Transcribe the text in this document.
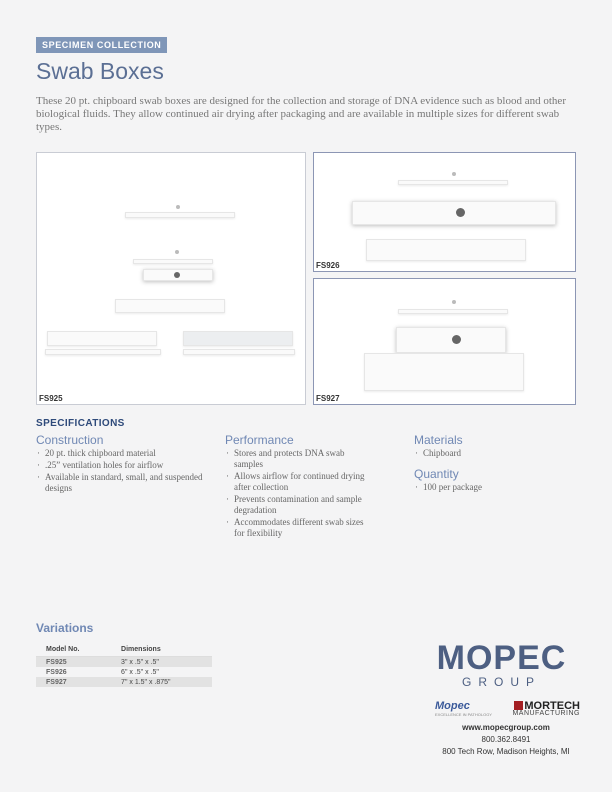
SPECIMEN COLLECTION
Swab Boxes

These 20 pt. chipboard swab boxes are designed for the collection and storage of DNA evidence such as blood and other biological fluids. They allow continued air drying after packaging and are available in multiple sizes for different swab types.

FS925
FS926
FS927
SPECIFICATIONS
Construction
· 20 pt. thick chipboard material
· .25” ventilation holes for airflow
· Available in standard, small, and suspended designs
Performance
· Stores and protects DNA swab samples
· Allows airflow for continued drying after collection
· Prevents contamination and sample degradation
· Accommodates different swab sizes for flexibility
Materials
· Chipboard
Quantity
· 100 per package
Variations
Model No.	Dimensions
FS925	3" x .5" x .5"
FS926	6" x .5" x .5"
FS927	7" x 1.5" x .875"
MOPEC
GROUP
Mopec
EXCELLENCE IN PATHOLOGY
MORTECH
MANUFACTURING
www.mopecgroup.com
800.362.8491
800 Tech Row, Madison Heights, MI
